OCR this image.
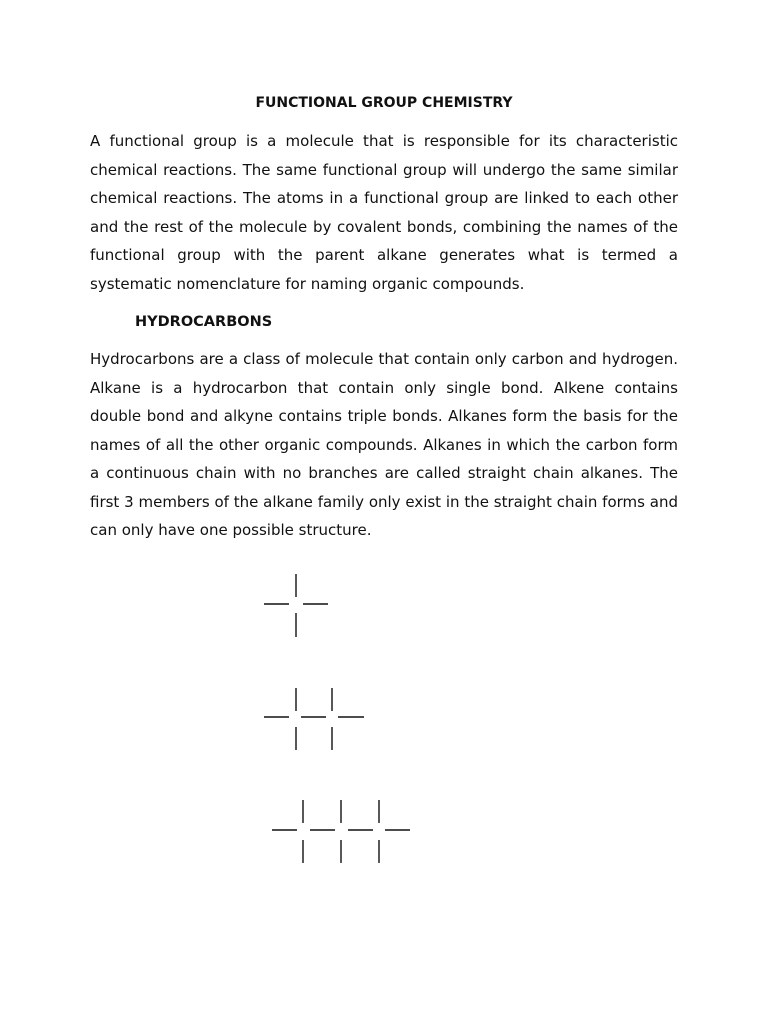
FUNCTIONAL GROUP CHEMISTRY

A functional group is a molecule that is responsible for its characteristic chemical reactions. The same functional group will undergo the same similar chemical reactions. The atoms in a functional group are linked to each other and the rest of the molecule by covalent bonds, combining the names of the functional group with the parent alkane generates what is termed a systematic nomenclature for naming organic compounds.

HYDROCARBONS

Hydrocarbons are a class of molecule that contain only carbon and hydrogen. Alkane is a hydrocarbon that contain only single bond. Alkene contains double bond and alkyne contains triple bonds. Alkanes form the basis for the names of all the other organic compounds. Alkanes in which the carbon form a continuous chain with no branches are called straight chain alkanes. The first 3 members of the alkane family only exist in the straight chain forms and can only have one possible structure.
